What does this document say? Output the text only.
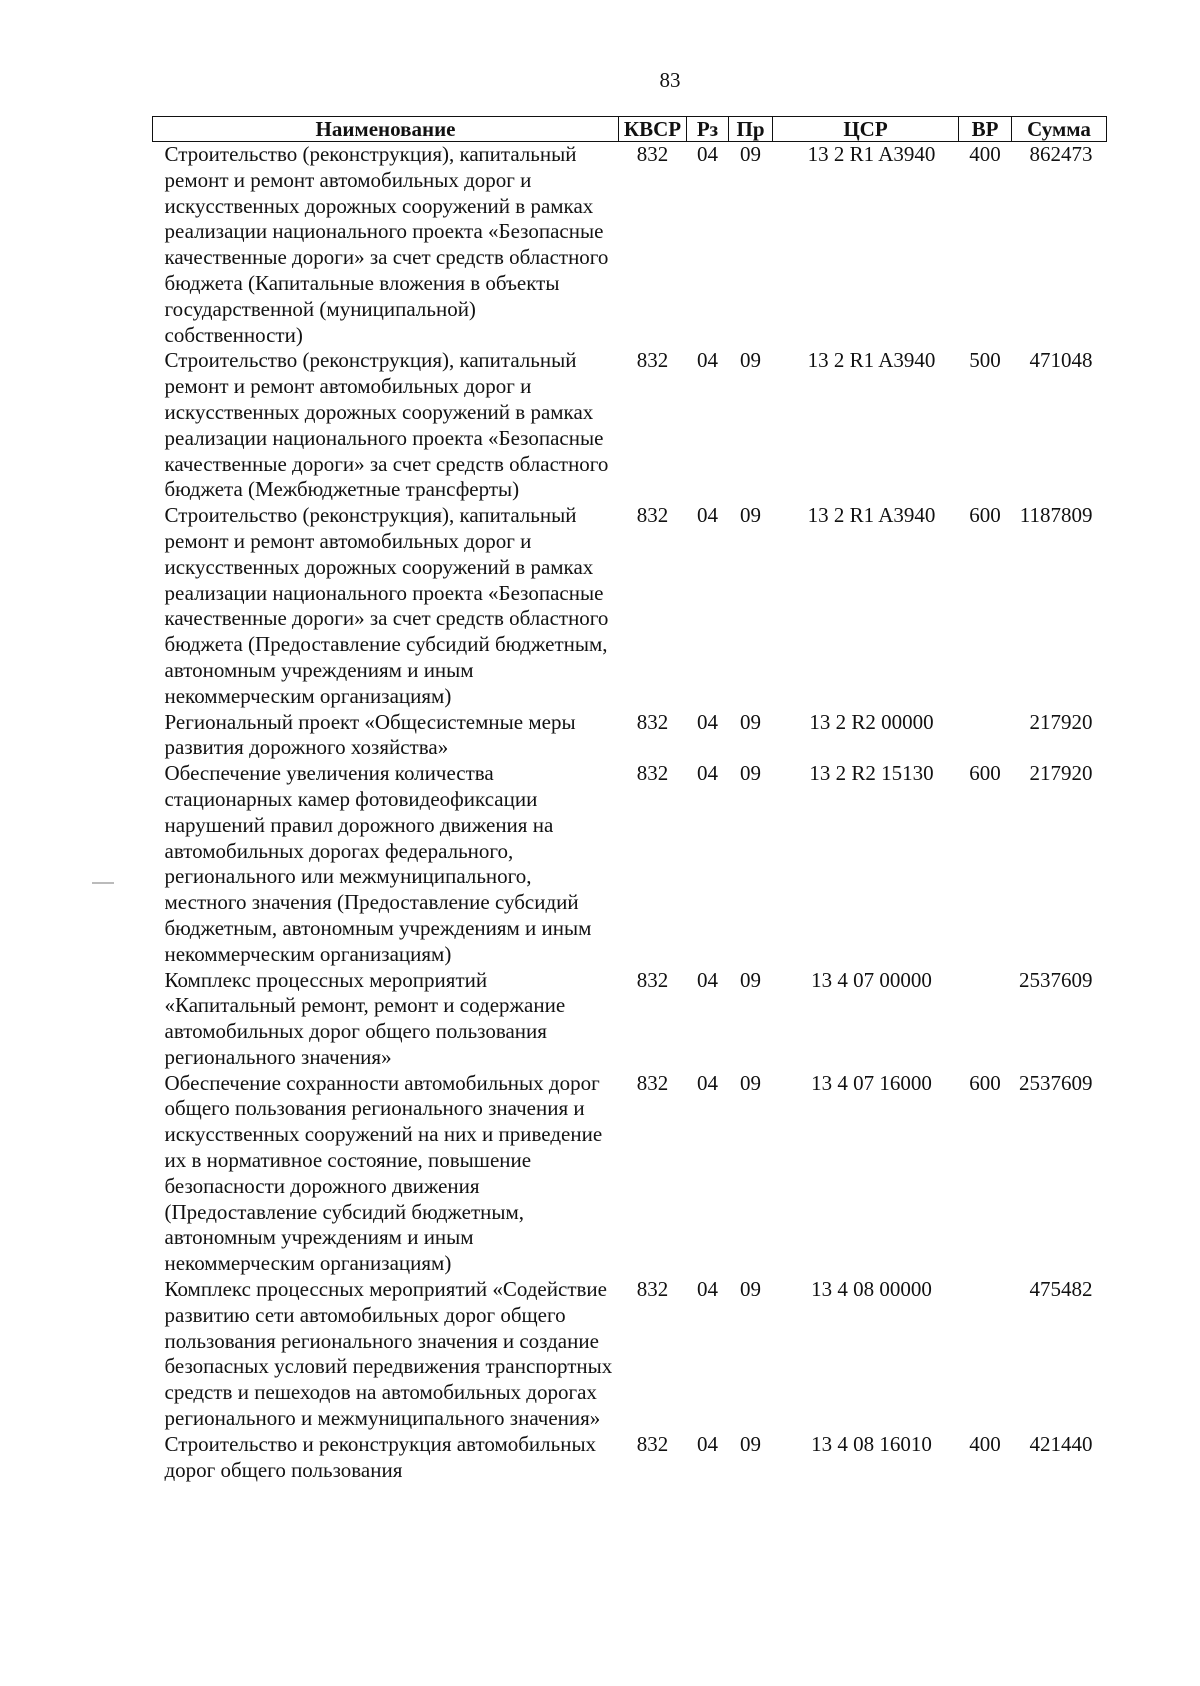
83
Наименование	КВСР	Рз	Пр	ЦСР	ВР	Сумма
Строительство (реконструкция), капитальный ремонт и ремонт автомобильных дорог и искусственных дорожных сооружений в рамках реализации национального проекта «Безопасные качественные дороги» за счет средств областного бюджета (Капитальные вложения в объекты государственной (муниципальной) собственности)	832	04	09	13 2 R1 A3940	400	862473
Строительство (реконструкция), капитальный ремонт и ремонт автомобильных дорог и искусственных дорожных сооружений в рамках реализации национального проекта «Безопасные качественные дороги» за счет средств областного бюджета (Межбюджетные трансферты)	832	04	09	13 2 R1 A3940	500	471048
Строительство (реконструкция), капитальный ремонт и ремонт автомобильных дорог и искусственных дорожных сооружений в рамках реализации национального проекта «Безопасные качественные дороги» за счет средств областного бюджета (Предоставление субсидий бюджетным, автономным учреждениям и иным некоммерческим организациям)	832	04	09	13 2 R1 A3940	600	1187809
Региональный проект «Общесистемные меры развития дорожного хозяйства»	832	04	09	13 2 R2 00000		217920
Обеспечение увеличения количества стационарных камер фотовидеофиксации нарушений правил дорожного движения на автомобильных дорогах федерального, регионального или межмуниципального, местного значения (Предоставление субсидий бюджетным, автономным учреждениям и иным некоммерческим организациям)	832	04	09	13 2 R2 15130	600	217920
Комплекс процессных мероприятий «Капитальный ремонт, ремонт и содержание автомобильных дорог общего пользования регионального значения»	832	04	09	13 4 07 00000		2537609
Обеспечение сохранности автомобильных дорог общего пользования регионального значения и искусственных сооружений на них и приведение их в нормативное состояние, повышение безопасности дорожного движения (Предоставление субсидий бюджетным, автономным учреждениям и иным некоммерческим организациям)	832	04	09	13 4 07 16000	600	2537609
Комплекс процессных мероприятий «Содействие развитию сети автомобильных дорог общего пользования регионального значения и создание безопасных условий передвижения транспортных средств и пешеходов на автомобильных дорогах регионального и межмуниципального значения»	832	04	09	13 4 08 00000		475482
Строительство и реконструкция автомобильных дорог общего пользования	832	04	09	13 4 08 16010	400	421440
